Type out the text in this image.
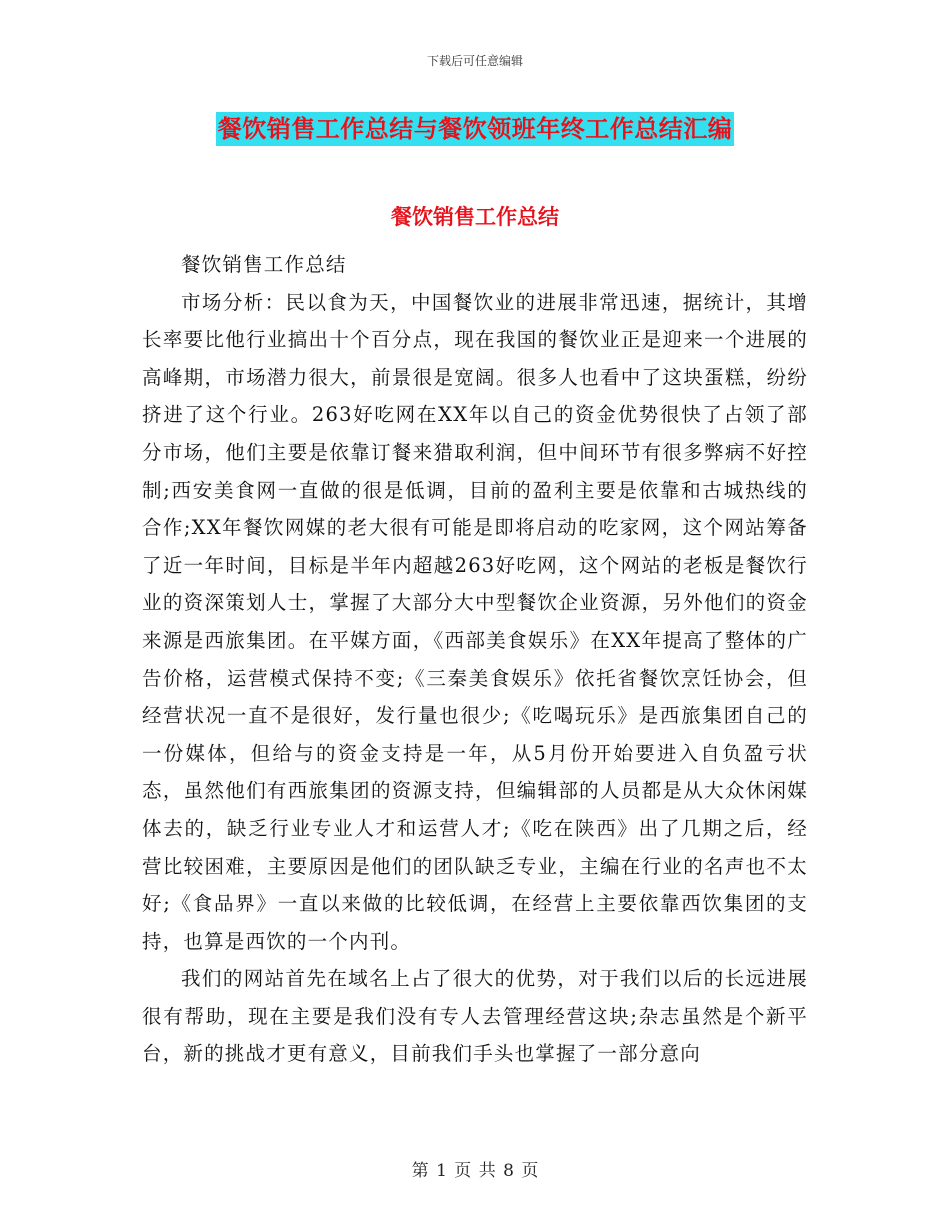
下载后可任意编辑
餐饮销售工作总结与餐饮领班年终工作总结汇编
餐饮销售工作总结

餐饮销售工作总结

市场分析：民以食为天，中国餐饮业的进展非常迅速，据统计，其增长率要比他行业搞出十个百分点，现在我国的餐饮业正是迎来一个进展的高峰期，市场潜力很大，前景很是宽阔。很多人也看中了这块蛋糕，纷纷挤进了这个行业。263好吃网在XX年以自己的资金优势很快了占领了部分市场，他们主要是依靠订餐来猎取利润，但中间环节有很多弊病不好控制;西安美食网一直做的很是低调，目前的盈利主要是依靠和古城热线的合作;XX年餐饮网媒的老大很有可能是即将启动的吃家网，这个网站筹备了近一年时间，目标是半年内超越263好吃网，这个网站的老板是餐饮行业的资深策划人士，掌握了大部分大中型餐饮企业资源，另外他们的资金来源是西旅集团。在平媒方面，《西部美食娱乐》在XX年提高了整体的广告价格，运营模式保持不变;《三秦美食娱乐》依托省餐饮烹饪协会，但经营状况一直不是很好，发行量也很少;《吃喝玩乐》是西旅集团自己的一份媒体，但给与的资金支持是一年，从5月份开始要进入自负盈亏状态，虽然他们有西旅集团的资源支持，但编辑部的人员都是从大众休闲媒体去的，缺乏行业专业人才和运营人才;《吃在陕西》出了几期之后，经营比较困难，主要原因是他们的团队缺乏专业，主编在行业的名声也不太好;《食品界》一直以来做的比较低调，在经营上主要依靠西饮集团的支持，也算是西饮的一个内刊。

我们的网站首先在域名上占了很大的优势，对于我们以后的长远进展很有帮助，现在主要是我们没有专人去管理经营这块;杂志虽然是个新平台，新的挑战才更有意义，目前我们手头也掌握了一部分意向

第 1 页 共 8 页
